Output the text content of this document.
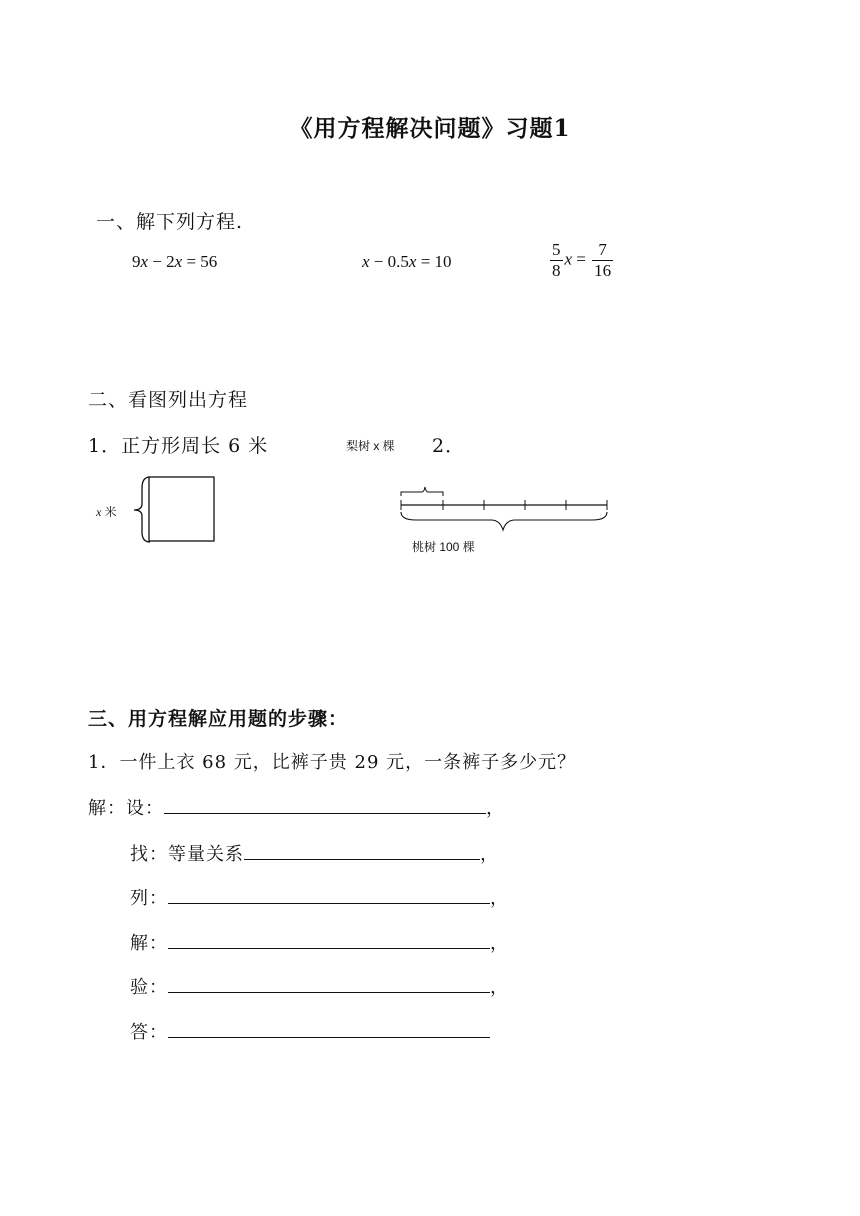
《用方程解决问题》习题1
一、解下列方程.
9x − 2x = 56	x − 0.5x = 10	$\frac{5}{8}$ $x = \frac{7}{16}$
二、看图列出方程
1．正方形周长 6 米	梨树 x 棵 2．
x 米
桃树 100 棵
三、用方程解应用题的步骤：
1．一件上衣 68 元，比裤子贵 29 元，一条裤子多少元？
解：设：	，
找：等量关系	，
列：	，
解：	，
验：	，
答：
